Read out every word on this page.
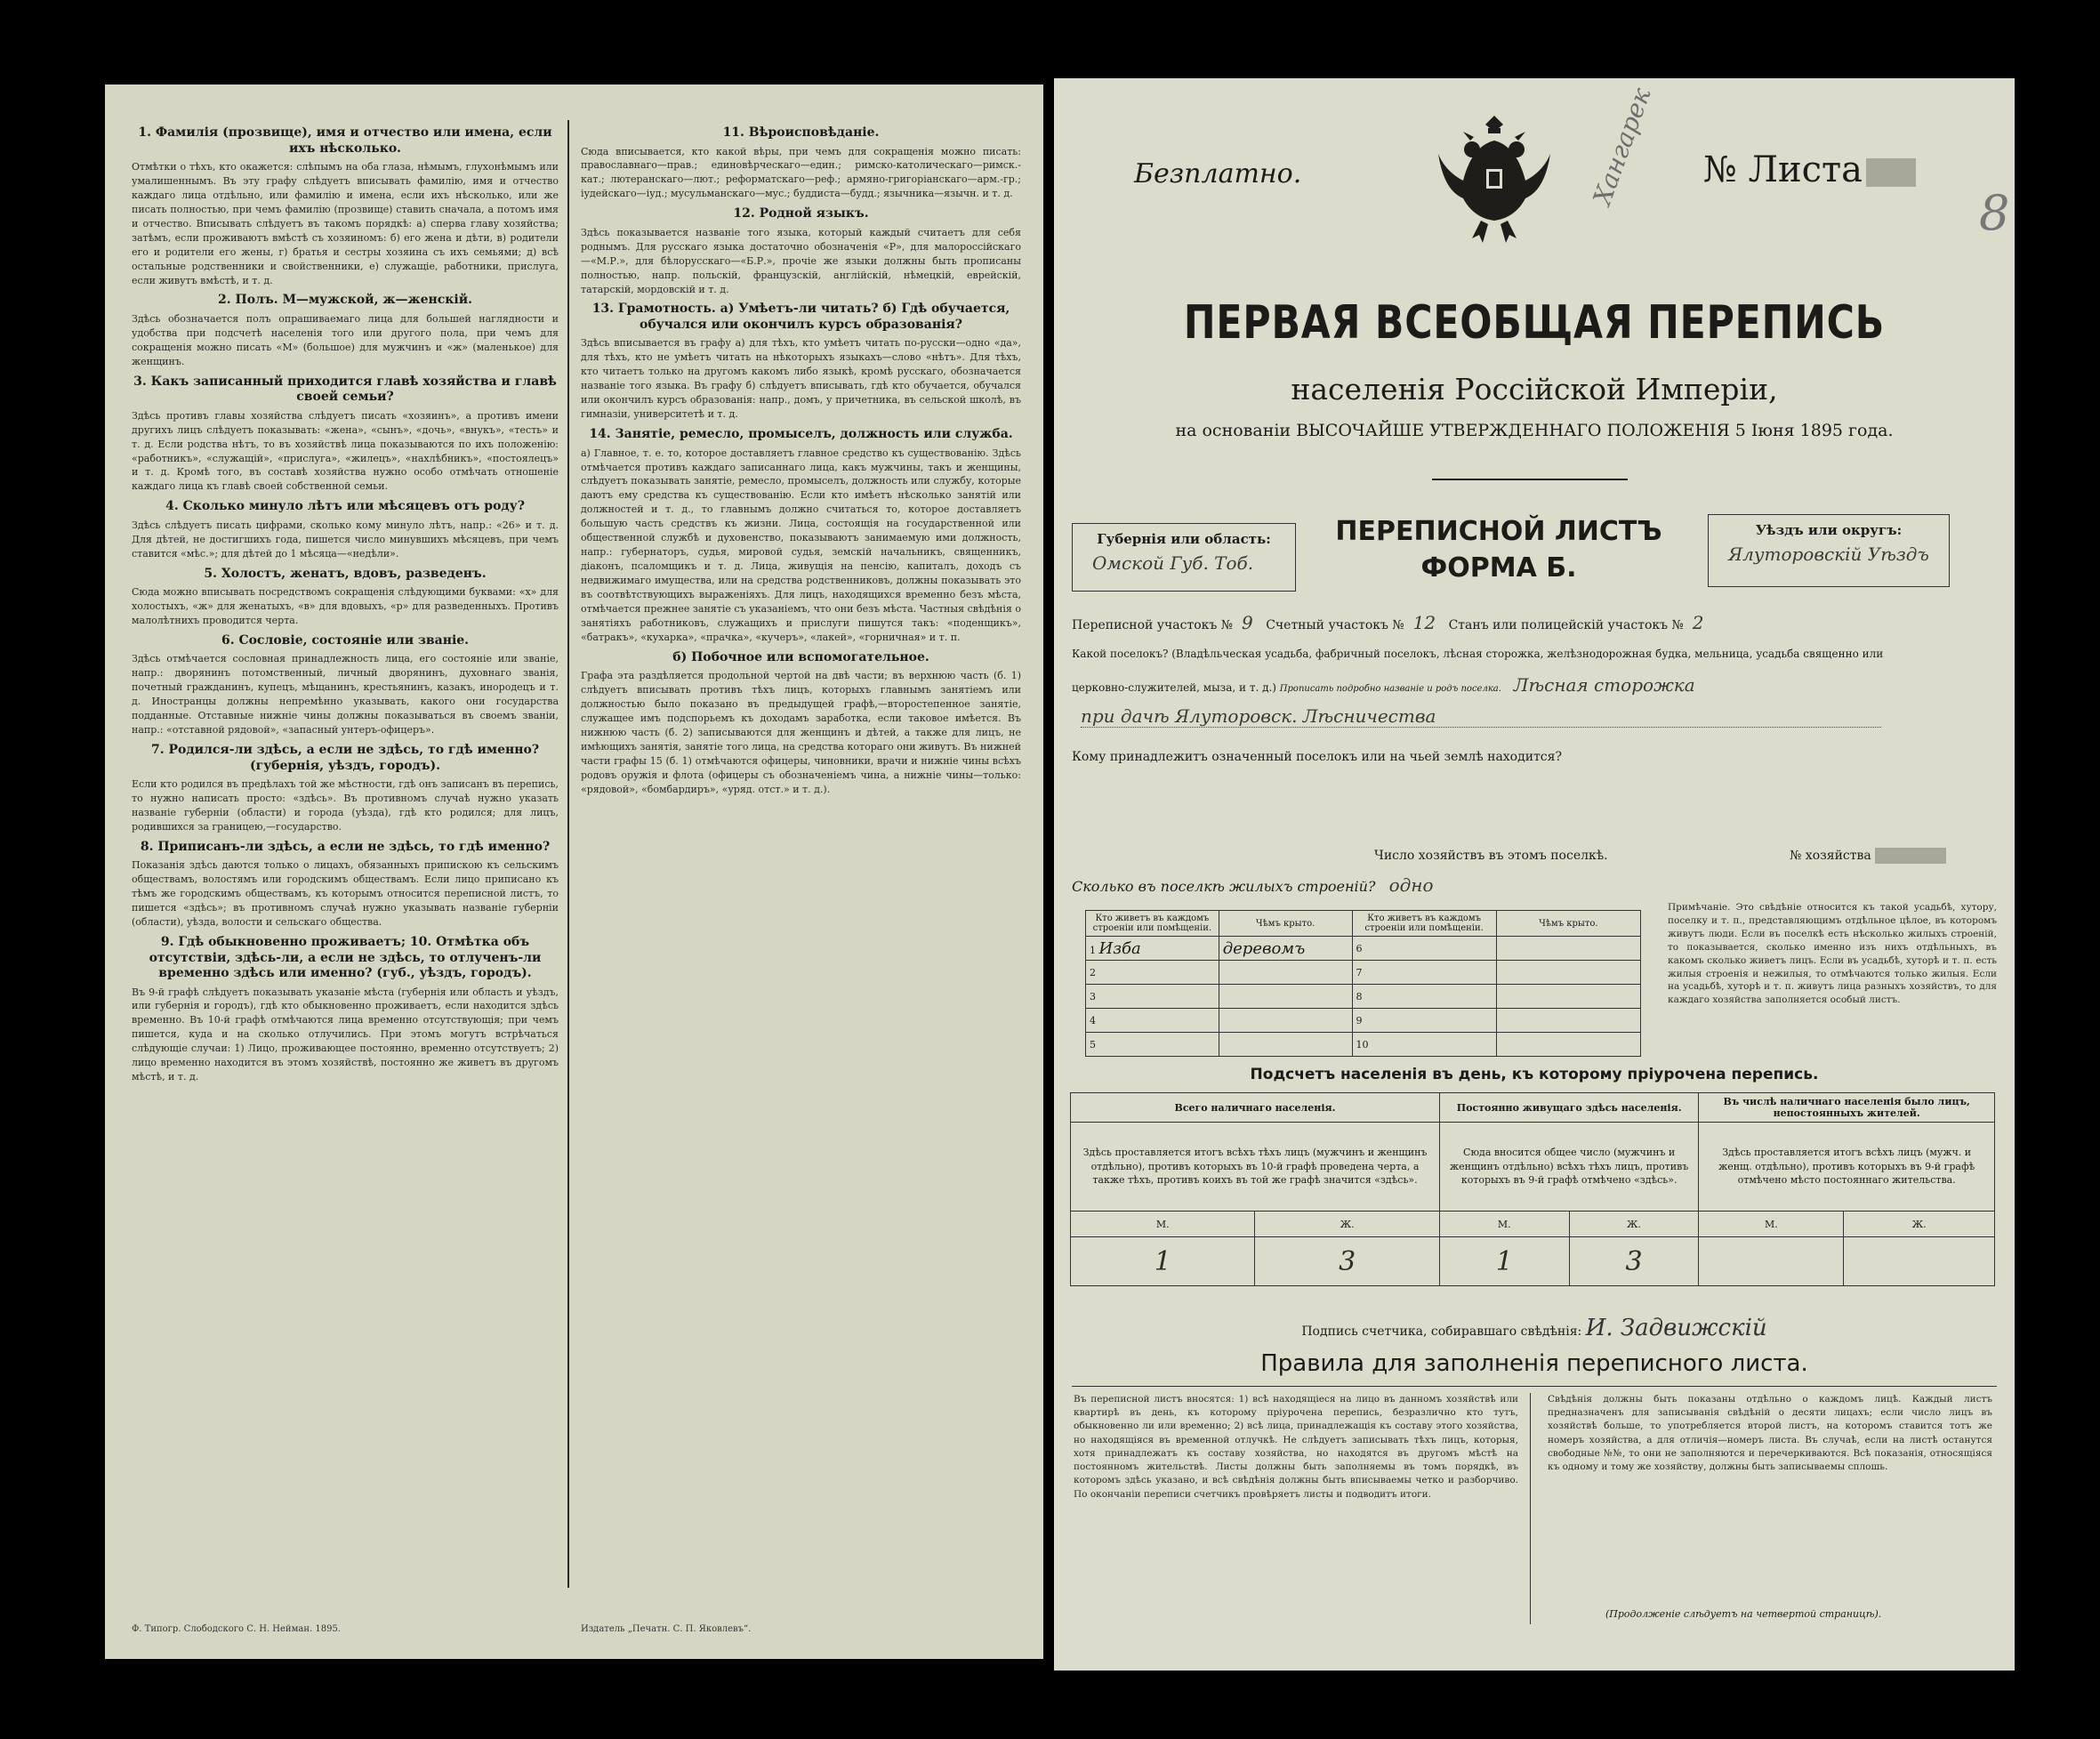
1. Фамилія (прозвище), имя и отчество или имена, если ихъ нѣсколько.
Отмѣтки о тѣхъ, кто окажется: слѣпымъ на оба глаза, нѣмымъ, глухонѣмымъ или умалишеннымъ. Въ эту графу слѣдуетъ вписывать фамилію, имя и отчество каждаго лица отдѣльно, или фамилію и имена, если ихъ нѣсколько, или же писать полностью, при чемъ фамилію (прозвище) ставить сначала, а потомъ имя и отчество. Вписывать слѣдуетъ въ такомъ порядкѣ: а) сперва главу хозяйства; затѣмъ, если проживаютъ вмѣстѣ съ хозяиномъ: б) его жена и дѣти, в) родители его и родители его жены, г) братья и сестры хозяина съ ихъ семьями; д) всѣ остальные родственники и свойственники, е) служащіе, работники, прислуга, если живутъ вмѣстѣ, и т. д.
2. Полъ. М—мужской, ж—женскій.
Здѣсь обозначается полъ опрашиваемаго лица для большей наглядности и удобства при подсчетѣ населенія того или другого пола, при чемъ для сокращенія можно писать «М» (большое) для мужчинъ и «ж» (маленькое) для женщинъ.
3. Какъ записанный приходится главѣ хозяйства и главѣ своей семьи?
Здѣсь противъ главы хозяйства слѣдуетъ писать «хозяинъ», а противъ имени другихъ лицъ слѣдуетъ показывать: «жена», «сынъ», «дочь», «внукъ», «тесть» и т. д. Если родства нѣтъ, то въ хозяйствѣ лица показываются по ихъ положенію: «работникъ», «служащій», «прислуга», «жилецъ», «нахлѣбникъ», «постоялецъ» и т. д. Кромѣ того, въ составѣ хозяйства нужно особо отмѣчать отношеніе каждаго лица къ главѣ своей собственной семьи.
4. Сколько минуло лѣтъ или мѣсяцевъ отъ роду?
Здѣсь слѣдуетъ писать цифрами, сколько кому минуло лѣтъ, напр.: «26» и т. д. Для дѣтей, не достигшихъ года, пишется число минувшихъ мѣсяцевъ, при чемъ ставится «мѣс.»; для дѣтей до 1 мѣсяца—«недѣли».
5. Холостъ, женатъ, вдовъ, разведенъ.
Сюда можно вписывать посредствомъ сокращенія слѣдующими буквами: «х» для холостыхъ, «ж» для женатыхъ, «в» для вдовыхъ, «р» для разведенныхъ. Противъ малолѣтнихъ проводится черта.
6. Сословіе, состояніе или званіе.
Здѣсь отмѣчается сословная принадлежность лица, его состояніе или званіе, напр.: дворянинъ потомственный, личный дворянинъ, духовнаго званія, почетный гражданинъ, купецъ, мѣщанинъ, крестьянинъ, казакъ, инородецъ и т. д. Иностранцы должны непремѣнно указывать, какого они государства подданные. Отставные нижніе чины должны показываться въ своемъ званіи, напр.: «отставной рядовой», «запасный унтеръ-офицеръ».
7. Родился-ли здѣсь, а если не здѣсь, то гдѣ именно? (губернія, уѣздъ, городъ).
Если кто родился въ предѣлахъ той же мѣстности, гдѣ онъ записанъ въ перепись, то нужно написать просто: «здѣсь». Въ противномъ случаѣ нужно указать названіе губерніи (области) и города (уѣзда), гдѣ кто родился; для лицъ, родившихся за границею,—государство.
8. Приписанъ-ли здѣсь, а если не здѣсь, то гдѣ именно?
Показанія здѣсь даются только о лицахъ, обязанныхъ припискою къ сельскимъ обществамъ, волостямъ или городскимъ обществамъ. Если лицо приписано къ тѣмъ же городскимъ обществамъ, къ которымъ относится переписной листъ, то пишется «здѣсь»; въ противномъ случаѣ нужно указывать названіе губерніи (области), уѣзда, волости и сельскаго общества.
9. Гдѣ обыкновенно проживаетъ; 10. Отмѣтка объ отсутствіи, здѣсь-ли, а если не здѣсь, то отлученъ-ли временно здѣсь или именно? (губ., уѣздъ, городъ).
Въ 9-й графѣ слѣдуетъ показывать указаніе мѣста (губернія или область и уѣздъ, или губернія и городъ), гдѣ кто обыкновенно проживаетъ, если находится здѣсь временно. Въ 10-й графѣ отмѣчаются лица временно отсутствующія; при чемъ пишется, куда и на сколько отлучились. При этомъ могутъ встрѣчаться слѣдующіе случаи: 1) Лицо, проживающее постоянно, временно отсутствуетъ; 2) лицо временно находится въ этомъ хозяйствѣ, постоянно же живетъ въ другомъ мѣстѣ, и т. д.
11. Вѣроисповѣданіе.
Сюда вписывается, кто какой вѣры, при чемъ для сокращенія можно писать: православнаго—прав.; единовѣрческаго—един.; римско-католическаго—римск.-кат.; лютеранскаго—лют.; реформатскаго—реф.; армяно-григоріанскаго—арм.-гр.; іудейскаго—іуд.; мусульманскаго—мус.; буддиста—будд.; язычника—язычн. и т. д.
12. Родной языкъ.
Здѣсь показывается названіе того языка, который каждый считаетъ для себя роднымъ. Для русскаго языка достаточно обозначенія «Р», для малороссійскаго—«М.Р.», для бѣлорусскаго—«Б.Р.», прочіе же языки должны быть прописаны полностью, напр. польскій, французскій, англійскій, нѣмецкій, еврейскій, татарскій, мордовскій и т. д.
13. Грамотность. а) Умѣетъ-ли читать? б) Гдѣ обучается, обучался или окончилъ курсъ образованія?
Здѣсь вписывается въ графу а) для тѣхъ, кто умѣетъ читать по-русски—одно «да», для тѣхъ, кто не умѣетъ читать на нѣкоторыхъ языкахъ—слово «нѣтъ». Для тѣхъ, кто читаетъ только на другомъ какомъ либо языкѣ, кромѣ русскаго, обозначается названіе того языка. Въ графу б) слѣдуетъ вписывать, гдѣ кто обучается, обучался или окончилъ курсъ образованія: напр., домъ, у причетника, въ сельской школѣ, въ гимназіи, университетѣ и т. д.
14. Занятіе, ремесло, промыселъ, должность или служба.
а) Главное, т. е. то, которое доставляетъ главное средство къ существованію. Здѣсь отмѣчается противъ каждаго записаннаго лица, какъ мужчины, такъ и женщины, слѣдуетъ показывать занятіе, ремесло, промыселъ, должность или службу, которые даютъ ему средства къ существованію. Если кто имѣетъ нѣсколько занятій или должностей и т. д., то главнымъ должно считаться то, которое доставляетъ большую часть средствъ къ жизни. Лица, состоящія на государственной или общественной службѣ и духовенство, показываютъ занимаемую ими должность, напр.: губернаторъ, судья, мировой судья, земскій начальникъ, священникъ, діаконъ, псаломщикъ и т. д. Лица, живущія на пенсію, капиталъ, доходъ съ недвижимаго имущества, или на средства родственниковъ, должны показывать это въ соотвѣтствующихъ выраженіяхъ. Для лицъ, находящихся временно безъ мѣста, отмѣчается прежнее занятіе съ указаніемъ, что они безъ мѣста. Частныя свѣдѣнія о занятіяхъ работниковъ, служащихъ и прислуги пишутся такъ: «поденщикъ», «батракъ», «кухарка», «прачка», «кучеръ», «лакей», «горничная» и т. п.
б) Побочное или вспомогательное.
Графа эта раздѣляется продольной чертой на двѣ части; въ верхнюю часть (б. 1) слѣдуетъ вписывать противъ тѣхъ лицъ, которыхъ главнымъ занятіемъ или должностью было показано въ предыдущей графѣ,—второстепенное занятіе, служащее имъ подспорьемъ къ доходамъ заработка, если таковое имѣется. Въ нижнюю часть (б. 2) записываются для женщинъ и дѣтей, а также для лицъ, не имѣющихъ занятія, занятіе того лица, на средства котораго они живутъ. Въ нижней части графы 15 (б. 1) отмѣчаются офицеры, чиновники, врачи и нижніе чины всѣхъ родовъ оружія и флота (офицеры съ обозначеніемъ чина, а нижніе чины—только: «рядовой», «бомбардиръ», «уряд. отст.» и т. д.).
Ф. Типогр. Слободского С. Н. Нейман. 1895.	Издатель „Печатн. С. П. Яковлевъ“.
Безплатно.	Хангарек № Листа
8
ПЕРВАЯ ВСЕОБЩАЯ ПЕРЕПИСЬ
населенія Россійской Имперіи,
на основаніи ВЫСОЧАЙШЕ УТВЕРЖДЕННАГО ПОЛОЖЕНІЯ 5 Іюня 1895 года.
Губернія или область:
Омской Губ. Тоб.
ПЕРЕПИСНОЙ ЛИСТЪ
ФОРМА Б.
Уѣздъ или округъ:
Ялуторовскій Уѣздъ
Переписной участокъ № 9 Счетный участокъ № 12 Станъ или полицейскій участокъ № 2
Какой поселокъ? (Владѣльческая усадьба, фабричный поселокъ, лѣсная сторожка, желѣзнодорожная будка, мельница, усадьба священно или
церковно-служителей, мыза, и т. д.) Прописать подробно названіе и родъ поселка. Лѣсная сторожка
при дачѣ Ялуторовск. Лѣсничества
Кому принадлежитъ означенный поселокъ или на чьей землѣ находится?
Число хозяйствъ въ этомъ поселкѣ.	№ хозяйства
Сколько въ поселкѣ жилыхъ строеній? одно
Кто живетъ въ каждомъ строеніи или помѣщеніи.	Чѣмъ крыто.	Кто живетъ въ каждомъ строеніи или помѣщеніи.	Чѣмъ крыто.
1 Изба	деревомъ	6	
2		7	
3		8	
4		9	
5		10	
Примѣчаніе. Это свѣдѣніе относится къ такой усадьбѣ, хутору, поселку и т. п., представляющимъ отдѣльное цѣлое, въ которомъ живутъ люди. Если въ поселкѣ есть нѣсколько жилыхъ строеній, то показывается, сколько именно изъ нихъ отдѣльныхъ, въ какомъ сколько живетъ лицъ. Если въ усадьбѣ, хуторѣ и т. п. есть жилыя строенія и нежилыя, то отмѣчаются только жилыя. Если на усадьбѣ, хуторѣ и т. п. живутъ лица разныхъ хозяйствъ, то для каждаго хозяйства заполняется особый листъ.
Подсчетъ населенія въ день, къ которому пріурочена перепись.
Всего наличнаго населенія.		Постоянно живущаго здѣсь населенія.		Въ числѣ наличнаго населенія было лицъ, непостоянныхъ жителей.	
Здѣсь проставляется итогъ всѣхъ тѣхъ лицъ (мужчинъ и женщинъ отдѣльно), противъ которыхъ въ 10-й графѣ проведена черта, а также тѣхъ, противъ коихъ въ той же графѣ значится «здѣсь».		Сюда вносится общее число (мужчинъ и женщинъ отдѣльно) всѣхъ тѣхъ лицъ, противъ которыхъ въ 9-й графѣ отмѣчено «здѣсь».		Здѣсь проставляется итогъ всѣхъ лицъ (мужч. и женщ. отдѣльно), противъ которыхъ въ 9-й графѣ отмѣчено мѣсто постояннаго жительства.	
М.	Ж.	М.	Ж.	М.	Ж.
1	3	1	3		
Подпись счетчика, собиравшаго свѣдѣнія: И. Задвижскій
Правила для заполненія переписного листа.
Въ переписной листъ вносятся: 1) всѣ находящіеся на лицо въ данномъ хозяйствѣ или квартирѣ въ день, къ которому пріурочена перепись, безразлично кто тутъ, обыкновенно ли или временно; 2) всѣ лица, принадлежащія къ составу этого хозяйства, но находящіяся въ временной отлучкѣ. Не слѣдуетъ записывать тѣхъ лицъ, которыя, хотя принадлежатъ къ составу хозяйства, но находятся въ другомъ мѣстѣ на постоянномъ жительствѣ. Листы должны быть заполняемы въ томъ порядкѣ, въ которомъ здѣсь указано, и всѣ свѣдѣнія должны быть вписываемы четко и разборчиво. По окончаніи переписи счетчикъ провѣряетъ листы и подводитъ итоги.
Свѣдѣнія должны быть показаны отдѣльно о каждомъ лицѣ. Каждый листъ предназначенъ для записыванія свѣдѣній о десяти лицахъ; если число лицъ въ хозяйствѣ больше, то употребляется второй листъ, на которомъ ставится тотъ же номеръ хозяйства, а для отличія—номеръ листа. Въ случаѣ, если на листѣ останутся свободные №№, то они не заполняются и перечеркиваются. Всѣ показанія, относящіяся къ одному и тому же хозяйству, должны быть записываемы сплошь.
(Продолженіе слѣдуетъ на четвертой страницѣ).
